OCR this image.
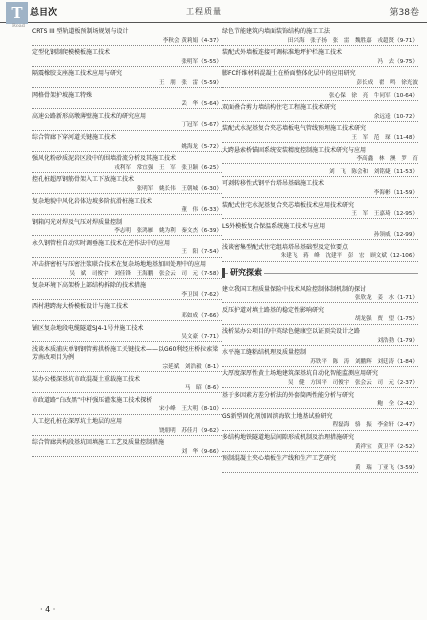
T
Road
总目次	工程质量	第38卷
CRTS III 型轨道板预制场规划与设计
李秋会 黄莉娟（4-37）
定型化钢制爬模模板施工技术
张明军（5-55）
隔震橡胶支座施工技术应用与研究
王　朋　张　雷（5-59）
网格骨架护坡施工特殊
丢　华（5-64）
高速公路新形高墩薄壁施工技术的研究应用
丁冠军（5-67）
综合管廊下穿河道关键施工技术
姚海龙（5-72）
强风化粉砂质泥岩区段中的围墙滑流分析及其施工技术
戎利军　常宜强　王　军　张卫颖（6-25）
控孔桩超厚钢筋骨架入工下放施工技术
张明军　姚长伟　王朝城（6-30）
复杂地貌中风化岩体边坡多阶抗滑桩施工技术
董　伟（6-33）
钢箱闪光对焊及气压对焊质量控制
李志明　张鸿雁　姚为利　秦文杰（6-39）
永久钢管柱自动实时调垂施工技术在逆作法中的应用
王　阳（7-54）
冲击挤密桩与压密注浆联合技术在复杂场地地基加固处理中的应用
吴　斌　司俊宇　刘佳锋　王海鹏　张会云　司　元（7-58）
复杂环境下高架桥上部结构拆除的技术措施
李卫国（7-62）
西村港跨海大桥模板设计与施工技术
邓如成（7-66）
铺区复杂地段电缆隧道SJ4-1号井施工技术
吴文豪（7-71）
浅谈木质浦庆单钢钢管剪拱桥施工关键技术——以G60利经庄桥拉索梁芳南改项目为例
宗延斌　刘浩毅（8-1）
某办公楼深基坑市政混凝土重载施工技术
马　昭（8-6）
市政道路“白改黑”中杆强压灌浆施工技术探析
宋小峰　王大明（8-10）
人工挖孔桩在深厚坑土地层的应用
饶朋明　苏佳月（9-62）
综合管廊共构段基坑回填施工工艺及质量控制措施
刘　华（9-66）
绿色节能建筑内墙面装饰结构的施工工法
田兴海　张子扬　张　雷　魏胜嘉　戎超贤（9-71）
装配式外墙板连接可调标准地坪护栏施工技术
冯　去（9-75）
膨FC纤维材料混凝土在桥面整体化层中的应用研究
彭长成　翟　鸣　徐光波
张心保　徐　亮　牛同军（10-64）
双面叠合剪力墙结构住宅工程施工技术研究
余远逵（10-72）
装配式水泥基复合夹芯墙板电气管线预埋施工技术研究
王　军　范　琛（11-48）
大跨悬索桥锚固系统安装精度控制施工技术研究与应用
李高鑫　林　澳　罗　育
刘　飞　陈会和　刘铭婕（11-53）
可剥转移性式钢平台塔吊基础施工技术
李海彬（11-59）
装配式住宅水泥基复合夹芯墙板技术应用技术研究
王　军　王嘉琦（12-95）
LS外模板复合保温系统施工技术与应用
孙领威（12-99）
浅谈密集型配式往宅组培塔吊基础型及定位要点
朱建飞　蒋　峰　沈建平　彭　宏　顾文斌（12-106）
研究探索
建立我国工程质量保险中技术风险控制体制机制的探讨
张欣龙　姜　水（1-71）
反压护道对填土路基的稳定性影响研究
胡龙强　贾　望（1-75）
浅析某办公项目的中英绿色健康空以证顶尖设计之路
刘浩勃（1-79）
水平施工缝粘结机理及质量控制
苏铁平　陈　涛　刘鹏辉　刘廷涛（1-84）
大厚度深厚性黄土场地建筑深基坑自动化智能监测应用研究
吴　健　方国平　司俊宇　张会云　司　元（2-37）
基于多因素方差分析法的外套筒两性能分析与研究
鲍　全（2-42）
GS新型固化剂加固滨海软土地基试验研究
程磊海　骆　振　李金轩（2-47）
多结构地铁隧道地层间隙形成机制及治理措施研究
黄祥宝　黄卫平（2-52）
预制混凝土夹心墙板生产线和生产工艺研究
黄　瑞　丁亚飞（3-59）
· 4 ·
